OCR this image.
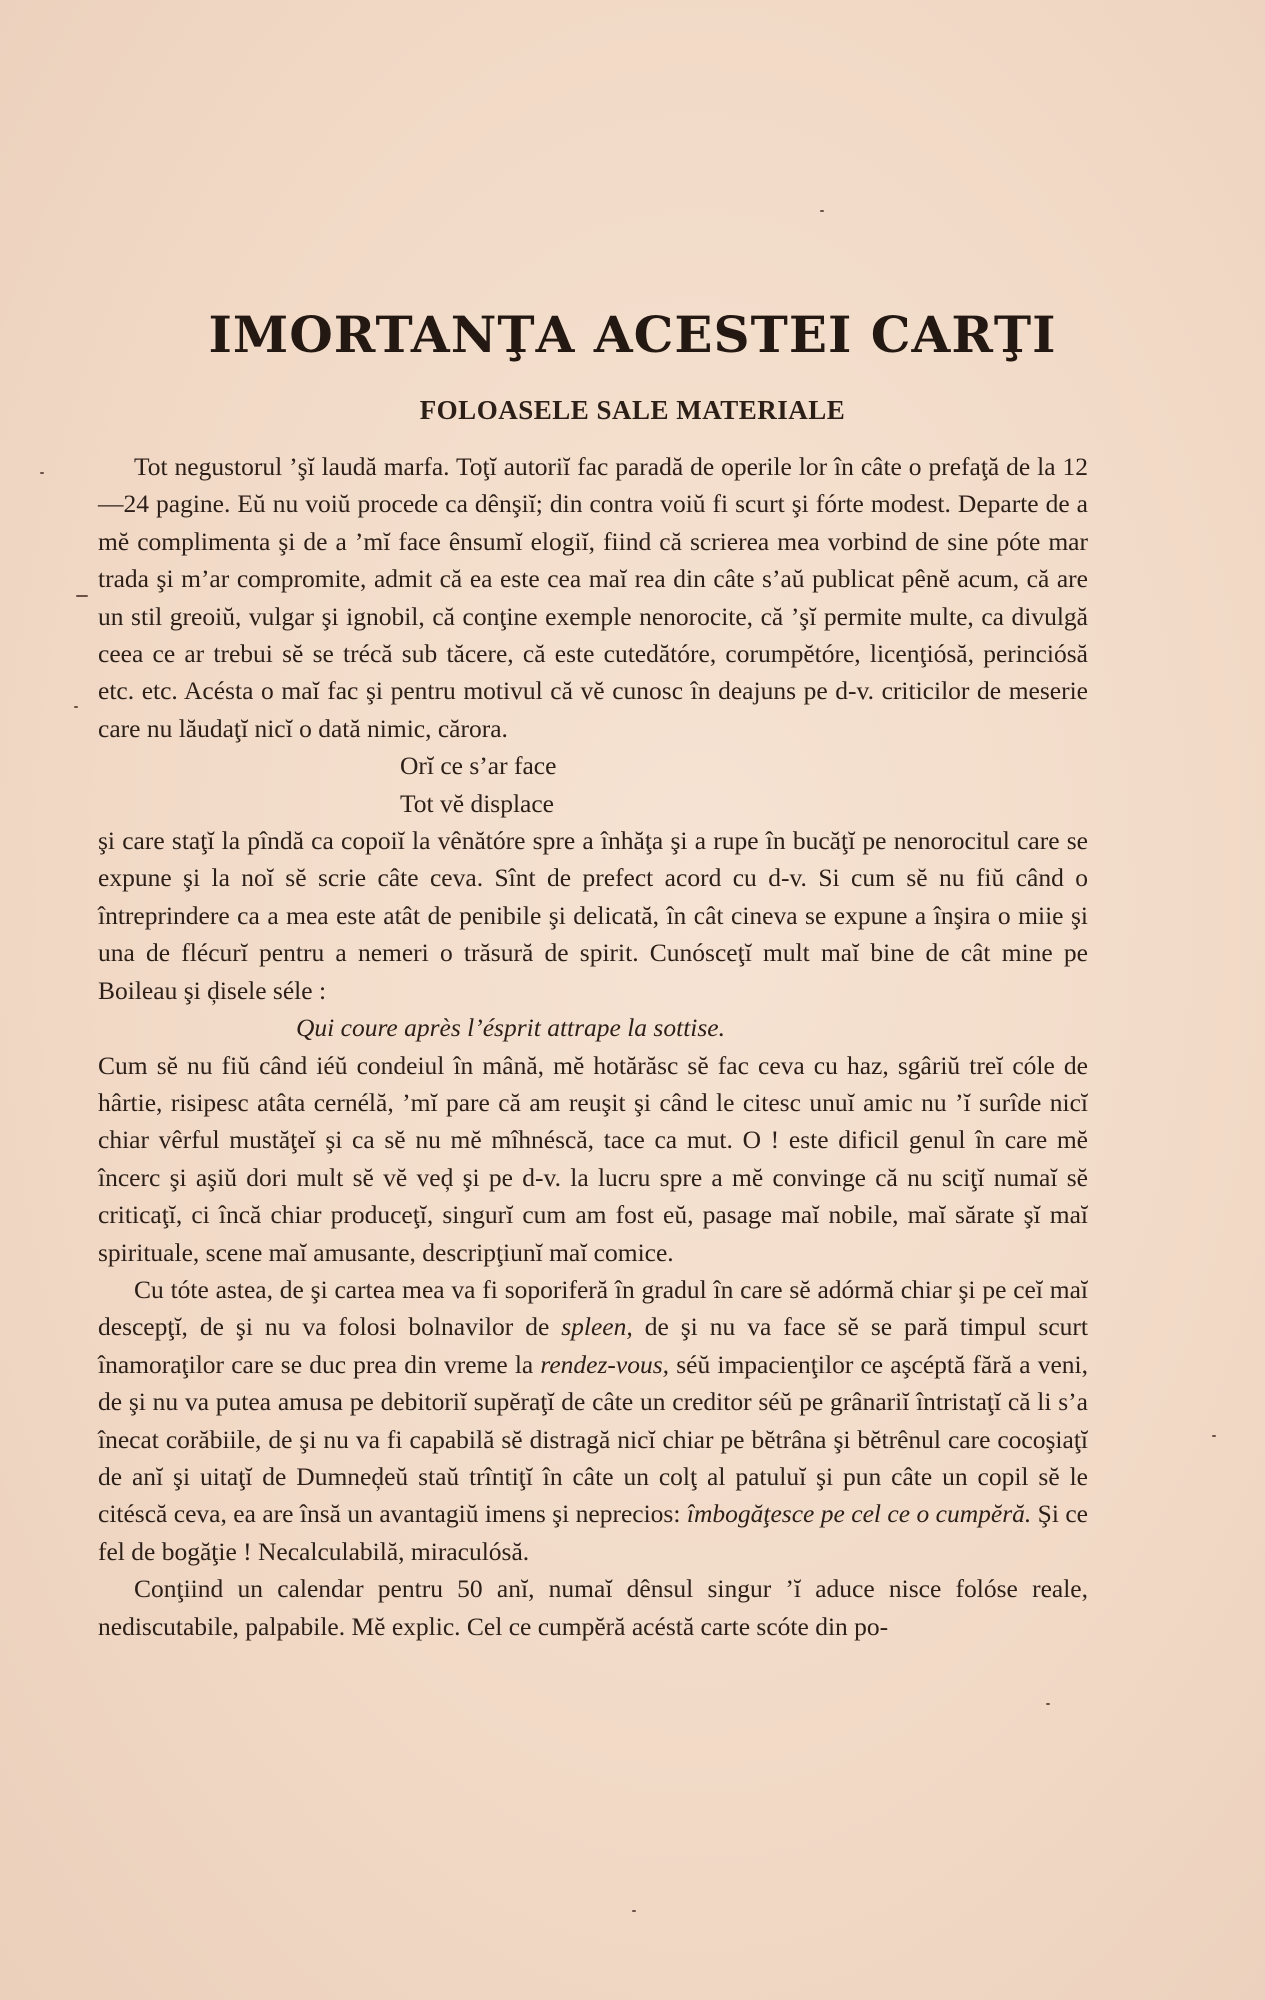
IMORTANŢA ACESTEI CARŢI
FOLOASELE SALE MATERIALE

Tot negustorul ’şĭ laudă marfa. Toţĭ autoriĭ fac paradă de operile lor în câte o prefaţă de la 12—24 pagine. Eŭ nu voiŭ procede ca dênşiĭ; din contra voiŭ fi scurt şi fórte modest. Departe de a mĕ complimenta şi de a ’mĭ face ênsumĭ elogiĭ, fiind că scrierea mea vorbind de sine póte mar trada şi m’ar compromite, admit că ea este cea maĭ rea din câte s’aŭ publicat pênĕ acum, că are un stil greoiŭ, vulgar şi ignobil, că conţine exemple nenorocite, că ’şĭ permite multe, ca divulgă ceea ce ar trebui sĕ se trécă sub tăcere, că este cutedătóre, corumpĕtóre, licenţiósă, perinciósă etc. etc. Acésta o maĭ fac şi pentru motivul că vĕ cunosc în deajuns pe d-v. criticilor de meserie care nu lăudaţĭ nicĭ o dată nimic, cărora.

Orĭ ce s’ar face

Tot vĕ displace

şi care staţĭ la pîndă ca copoiĭ la vênătóre spre a înhăţa şi a rupe în bucăţĭ pe nenorocitul care se expune şi la noĭ sĕ scrie câte ceva. Sînt de prefect acord cu d-v. Si cum sĕ nu fiŭ când o întreprindere ca a mea este atât de penibile şi delicată, în cât cineva se expune a înşira o miie şi una de flécurĭ pentru a nemeri o trăsură de spirit. Cunósceţĭ mult maĭ bine de cât mine pe Boileau şi ḑisele séle :

Qui coure après l’ésprit attrape la sottise.

Cum sĕ nu fiŭ când iéŭ condeiul în mână, mĕ hotărăsc sĕ fac ceva cu haz, sgâriŭ treĭ cóle de hârtie, risipesc atâta cernélă, ’mĭ pare că am reuşit şi când le citesc unuĭ amic nu ’ĭ surîde nicĭ chiar vêrful mustăţeĭ şi ca sĕ nu mĕ mîhnéscă, tace ca mut. O ! este dificil genul în care mĕ încerc şi aşiŭ dori mult sĕ vĕ veḑ şi pe d-v. la lucru spre a mĕ convinge că nu sciţĭ numaĭ sĕ criticaţĭ, ci încă chiar produceţĭ, singurĭ cum am fost eŭ, pasage maĭ nobile, maĭ sărate şĭ maĭ spirituale, scene maĭ amusante, descripţiunĭ maĭ comice.

Cu tóte astea, de şi cartea mea va fi soporiferă în gradul în care sĕ adórmă chiar şi pe ceĭ maĭ descepţĭ, de şi nu va folosi bolnavilor de spleen, de şi nu va face sĕ se pară timpul scurt înamoraţilor care se duc prea din vreme la rendez-vous, séŭ impacienţilor ce aşcéptă fără a veni, de şi nu va putea amusa pe debitoriĭ supĕraţĭ de câte un creditor séŭ pe grânariĭ întristaţĭ că li s’a înecat corăbiile, de şi nu va fi capabilă sĕ distragă nicĭ chiar pe bĕtrâna şi bĕtrênul care cocoşiaţĭ de anĭ şi uitaţĭ de Dumneḑeŭ staŭ trîntiţĭ în câte un colţ al patuluĭ şi pun câte un copil sĕ le citéscă ceva, ea are însă un avantagiŭ imens şi neprecios: îmbogăţesce pe cel ce o cumpĕră. Şi ce fel de bogăţie ! Necalculabilă, miraculósă.

Conţiind un calendar pentru 50 anĭ, numaĭ dênsul singur ’ĭ aduce nisce folóse reale, nediscutabile, palpabile. Mĕ explic. Cel ce cumpĕră acéstă carte scóte din po-
